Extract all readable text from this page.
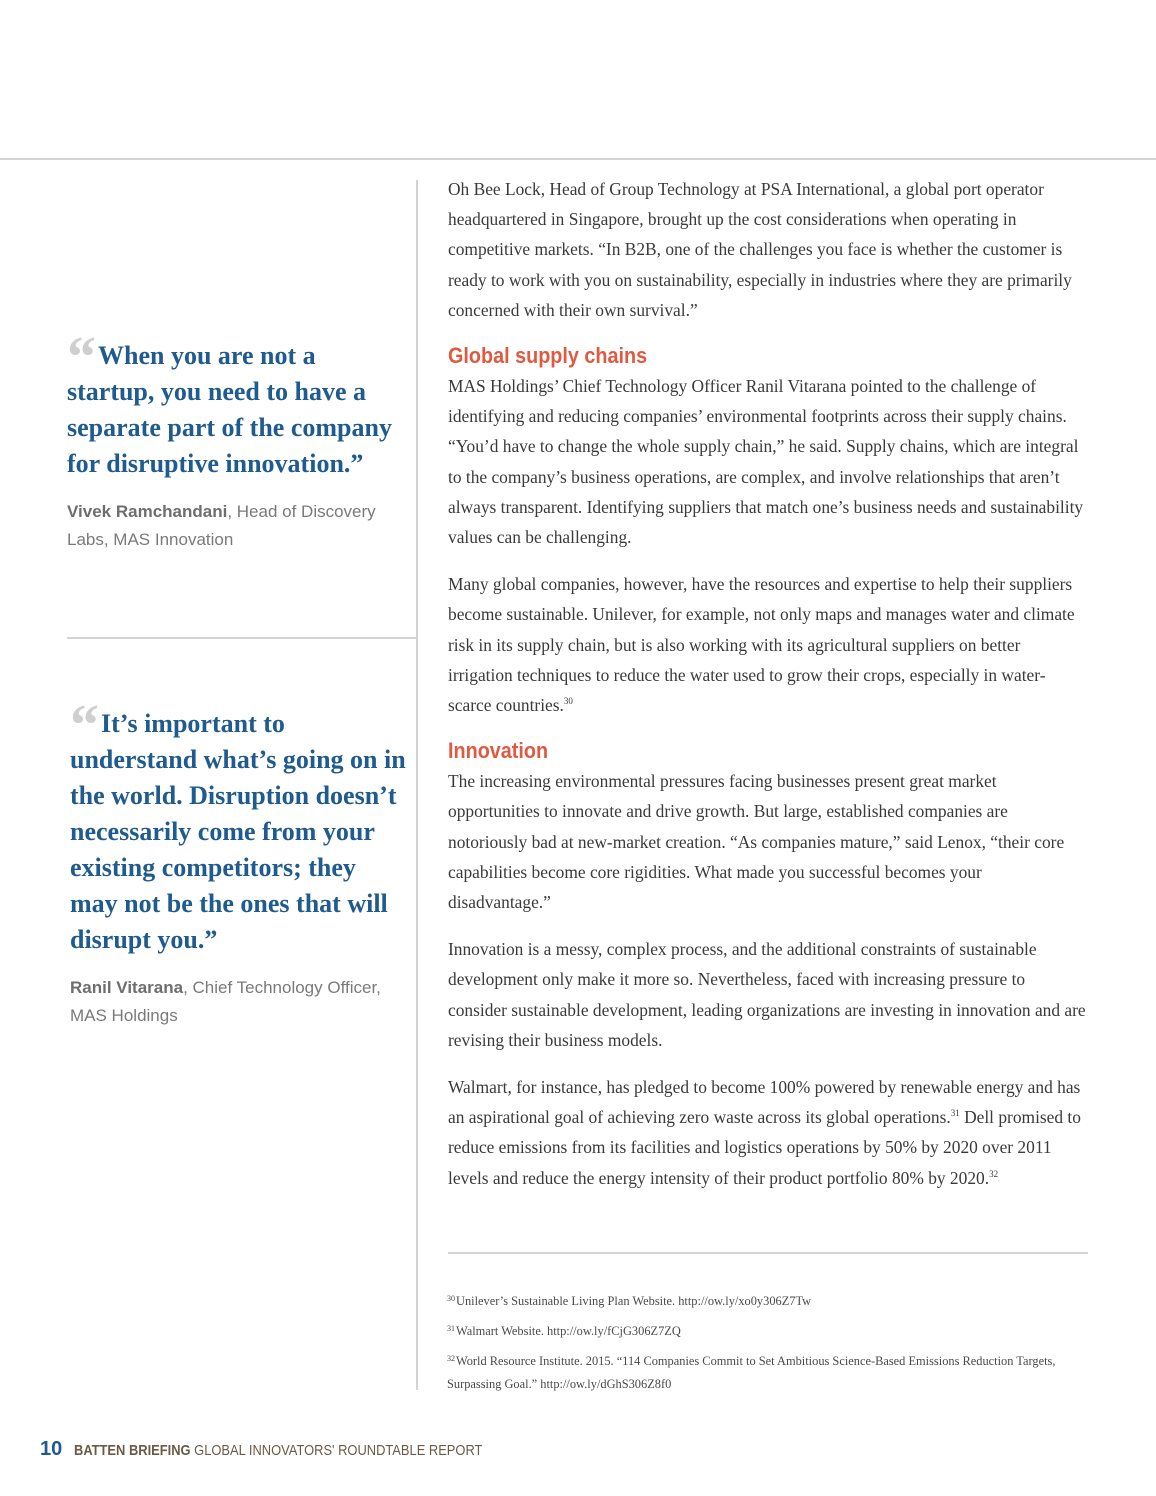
“ When you are not a startup, you need to have a separate part of the company for disruptive innovation.”

Vivek Ramchandani, Head of Discovery Labs, MAS Innovation

“ It’s important to understand what’s going on in the world. Disruption doesn’t necessarily come from your existing competitors; they may not be the ones that will disrupt you.”

Ranil Vitarana, Chief Technology Officer, MAS Holdings

Oh Bee Lock, Head of Group Technology at PSA International, a global port operator headquartered in Singapore, brought up the cost considerations when operating in competitive markets. “In B2B, one of the challenges you face is whether the customer is ready to work with you on sustainability, especially in industries where they are primarily concerned with their own survival.”

Global supply chains

MAS Holdings’ Chief Technology Officer Ranil Vitarana pointed to the challenge of identifying and reducing companies’ environmental footprints across their supply chains. “You’d have to change the whole supply chain,” he said. Supply chains, which are integral to the company’s business operations, are complex, and involve relationships that aren’t always transparent. Identifying suppliers that match one’s business needs and sustainability values can be challenging.

Many global companies, however, have the resources and expertise to help their suppliers become sustainable. Unilever, for example, not only maps and manages water and climate risk in its supply chain, but is also working with its agricultural suppliers on better irrigation techniques to reduce the water used to grow their crops, especially in water-scarce countries.$^{30}$

Innovation

The increasing environmental pressures facing businesses present great market opportunities to innovate and drive growth. But large, established companies are notoriously bad at new-market creation. “As companies mature,” said Lenox, “their core capabilities become core rigidities. What made you successful becomes your disadvantage.”

Innovation is a messy, complex process, and the additional constraints of sustainable development only make it more so. Nevertheless, faced with increasing pressure to consider sustainable development, leading organizations are investing in innovation and are revising their business models.

Walmart, for instance, has pledged to become 100% powered by renewable energy and has an aspirational goal of achieving zero waste across its global operations.$^{31}$ Dell promised to reduce emissions from its facilities and logistics operations by 50% by 2020 over 2011 levels and reduce the energy intensity of their product portfolio 80% by 2020.32

$^{30}$Unilever’s Sustainable Living Plan Website. http://ow.ly/xo0y306Z7Tw
$^{31}$Walmart Website. http://ow.ly/fCjG306Z7ZQ
$^{32}$World Resource Institute. 2015. “114 Companies Commit to Set Ambitious Science-Based Emissions Reduction Targets, Surpassing Goal.” http://ow.ly/dGhS306Z8f0
10 BATTEN BRIEFING GLOBAL INNOVATORS' ROUNDTABLE REPORT
